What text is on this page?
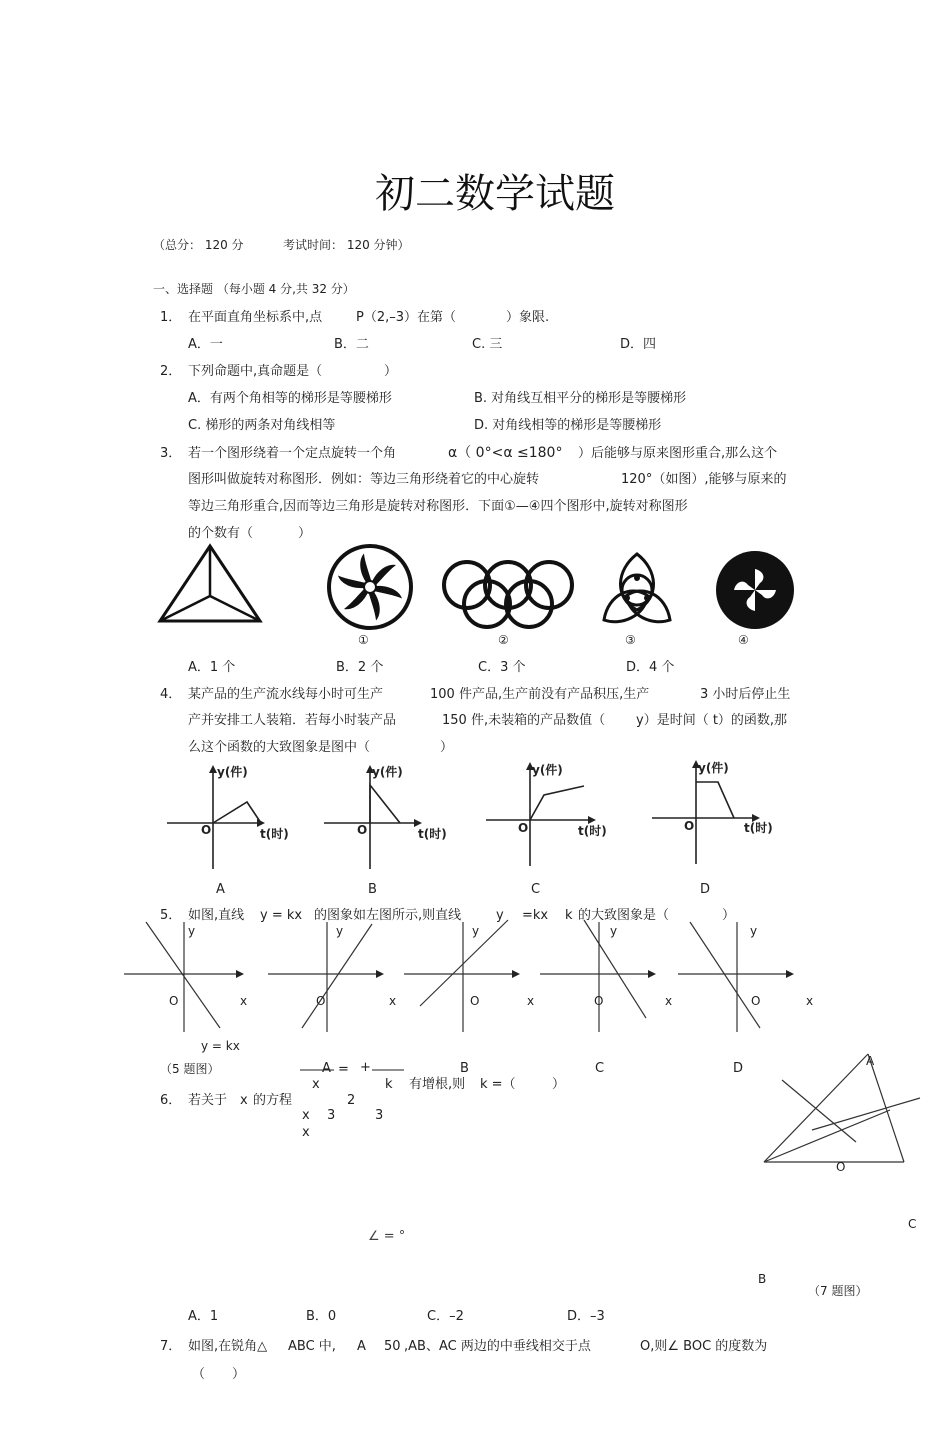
初二数学试题
（总分： 120 分	考试时间： 120 分钟）
一、选择题 （每小题 4 分,共 32 分）
1． 在平面直角坐标系中,点	P（2,–3）在第（	）象限.
A．一	B．二	C. 三	D．四
2． 下列命题中,真命题是（	）
A．有两个角相等的梯形是等腰梯形	B. 对角线互相平分的梯形是等腰梯形
C. 梯形的两条对角线相等	D. 对角线相等的梯形是等腰梯形
3． 若一个图形绕着一个定点旋转一个角	α（ 0°<α ≤180° ）后能够与原来图形重合,那么这个
图形叫做旋转对称图形．例如：等边三角形绕着它的中心旋转	120°（如图）,能够与原来的
等边三角形重合,因而等边三角形是旋转对称图形．下面①—④四个图形中,旋转对称图形
的个数有（	）
①	②	③	④
A．1 个	B．2 个	C．3 个	D．4 个
4． 某产品的生产流水线每小时可生产	100 件产品,生产前没有产品积压,生产	3 小时后停止生
产并安排工人装箱．若每小时装产品	150 件,未装箱的产品数值（ y）是时间（ t）的函数,那
么这个函数的大致图象是图中（	）
y(件)
t(时)
O
A
y(件)
t(时)
O
B
y(件)
t(时)
O
C
y(件)
t(时)
O
D
5． 如图,直线 y = kx 的图象如左图所示,则直线	y =kx k 的大致图象是（	）
y
O	x
y = kx
（5 题图）
y
O	x
A
y
O	x
B
y
O	x
C
y
O	x
D
= +
x	k
6． 若关于 x 的方程	2
有增根,则 k =（	）
x 3	3
x
∠ = °
A．1	B．0	C．–2	D．–3
A
O
C
B
（7 题图）
7． 如图,在锐角△ ABC 中, A 50 ,AB、AC 两边的中垂线相交于点	O,则∠ BOC 的度数为
（ ）
